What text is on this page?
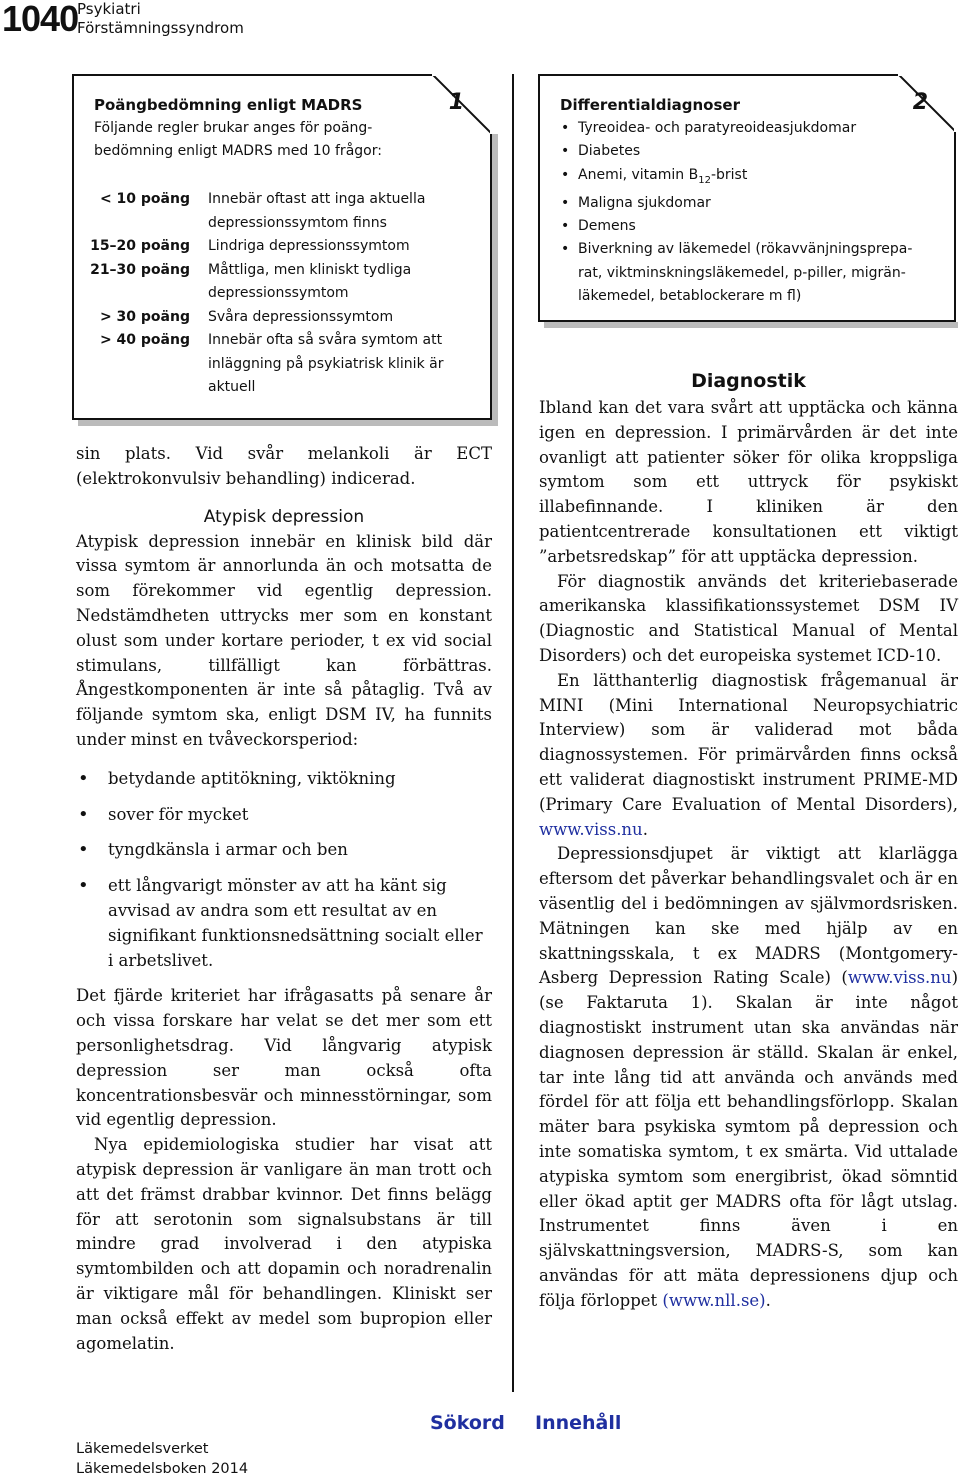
1040
Psykiatri
Förstämningssyndrom
1
Poängbedömning enligt MADRS
Följande regler brukar anges för poäng-
bedömning enligt MADRS med 10 frågor:
< 10 poäng	Innebär oftast att inga aktuella
depressionssymtom finns
15–20 poäng	Lindriga depressionssymtom
21–30 poäng	Måttliga, men kliniskt tydliga
depressionssymtom
> 30 poäng	Svåra depressionssymtom
> 40 poäng	Innebär ofta så svåra symtom att
inläggning på psykiatrisk klinik är
aktuell
2
Differentialdiagnoser
• Tyreoidea- och paratyreoideasjukdomar
• Diabetes
• Anemi, vitamin $B_{12}$-brist
• Maligna sjukdomar
• Demens
• Biverkning av läkemedel (rökavvänjningsprepa-
rat, viktminskningsläkemedel, p-piller, migrän-
läkemedel, betablockerare m fl)

sin plats. Vid svår melankoli är ECT (elektrokonvulsiv behandling) indicerad.

Atypisk depression

Atypisk depression innebär en klinisk bild där vissa symtom är annorlunda än och motsatta de som förekommer vid egentlig depression. Nedstämdheten uttrycks mer som en konstant olust som under kortare perioder, t ex vid social stimulans, tillfälligt kan förbättras. Ångestkomponenten är inte så påtaglig. Två av följande symtom ska, enligt DSM IV, ha funnits under minst en tvåveckorsperiod:

• betydande aptitökning, viktökning
• sover för mycket
• tyngdkänsla i armar och ben
• ett långvarigt mönster av att ha känt sig avvisad av andra som ett resultat av en signifikant funktionsnedsättning socialt eller i arbetslivet.

Det fjärde kriteriet har ifrågasatts på senare år och vissa forskare har velat se det mer som ett personlighetsdrag. Vid långvarig atypisk depression ser man också ofta koncentrationsbesvär och minnesstörningar, som vid egentlig depression.

Nya epidemiologiska studier har visat att atypisk depression är vanligare än man trott och att det främst drabbar kvinnor. Det finns belägg för att serotonin som signalsubstans är till mindre grad involverad i den atypiska symtombilden och att dopamin och noradrenalin är viktigare mål för behandlingen. Kliniskt ser man också effekt av medel som bupropion eller agomelatin.

Diagnostik

Ibland kan det vara svårt att upptäcka och känna igen en depression. I primärvården är det inte ovanligt att patienter söker för olika kroppsliga symtom som ett uttryck för psykiskt illabefinnande. I kliniken är den patientcentrerade konsultationen ett viktigt ”arbetsredskap” för att upptäcka depression.

För diagnostik används det kriteriebaserade amerikanska klassifikationssystemet DSM IV (Diagnostic and Statistical Manual of Mental Disorders) och det europeiska systemet ICD-10.

En lätthanterlig diagnostisk frågemanual är MINI (Mini International Neuropsychiatric Interview) som är validerad mot båda diagnossystemen. För primärvården finns också ett validerat diagnostiskt instrument PRIME-MD (Primary Care Evaluation of Mental Disorders), www.viss.nu.

Depressionsdjupet är viktigt att klarlägga eftersom det påverkar behandlingsvalet och är en väsentlig del i bedömningen av självmordsrisken. Mätningen kan ske med hjälp av en skattningsskala, t ex MADRS (Montgomery-Asberg Depression Rating Scale) (www.viss.nu) (se Faktaruta 1). Skalan är inte något diagnostiskt instrument utan ska användas när diagnosen depression är ställd. Skalan är enkel, tar inte lång tid att använda och används med fördel för att följa ett behandlingsförlopp. Skalan mäter bara psykiska symtom på depression och inte somatiska symtom, t ex smärta. Vid uttalade atypiska symtom som energibrist, ökad sömntid eller ökad aptit ger MADRS ofta för lågt utslag. Instrumentet finns även i en självskattningsversion, MADRS-S, som kan användas för att mäta depressionens djup och följa förloppet (www.nll.se).

Sökord Innehåll
Läkemedelsverket
Läkemedelsboken 2014
